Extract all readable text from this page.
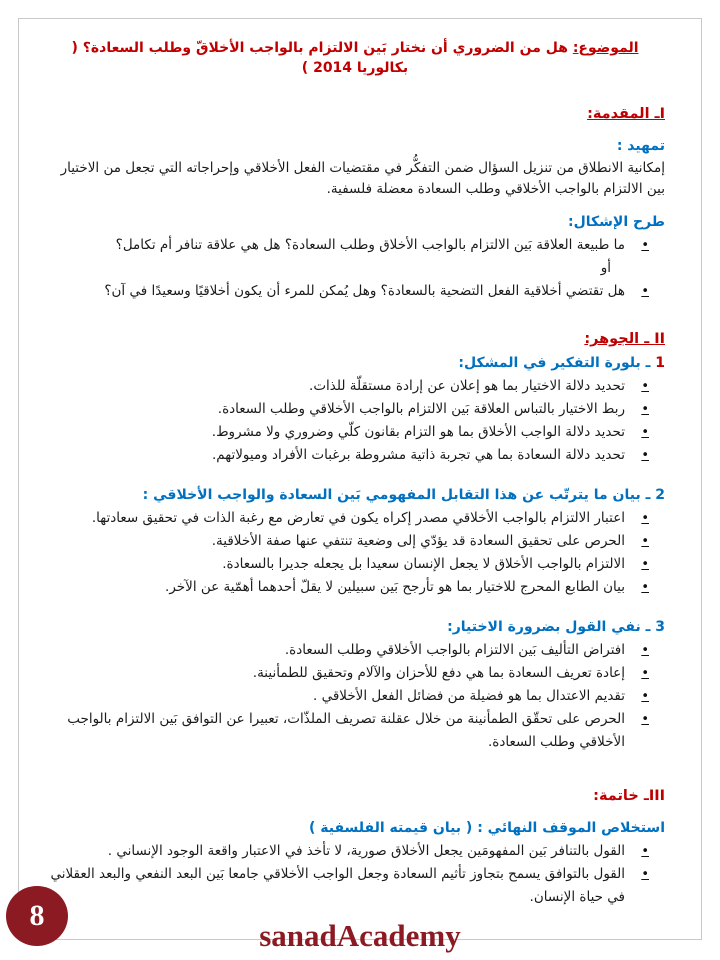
الموضوع: هل من الضروري أن نختار بَين الالتزام بالواجب الأخلاقّ وطلب السعادة؟ ( بكالوريا 2014 )
Iـ المقدمة:
تمهيد :

إمكانية الانطلاق من تنزيل السؤال ضمن التفكُّر في مقتضيات الفعل الأخلاقي وإحراجاته التي تجعل من الاختيار بين الالتزام بالواجب الأخلاقي وطلب السعادة معضلة فلسفية.

طرح الإشكال:
•
ما طبيعة العلاقة بَين الالتزام بالواجب الأخلاق وطلب السعادة؟ هل هي علاقة تنافر أم تكامل؟
أو
•
هل تقتضي أخلاقية الفعل التضحية بالسعادة؟ وهل يُمكن للمرء أن يكون أخلاقيًا وسعيدًا في آن؟
II ـ الجوهر:
1 ـ بلورة التفكير في المشكل:
•
تحديد دلالة الاختيار بما هو إعلان عن إرادة مستقلّة للذات.
•
ربط الاختيار بالتباس العلاقة بَين الالتزام بالواجب الأخلاقي وطلب السعادة.
•
تحديد دلالة الواجب الأخلاق بما هو التزام بقانون كلّي وضروري ولا مشروط.
•
تحديد دلالة السعادة بما هي تجربة ذاتية مشروطة برغبات الأفراد وميولاتهم.
2 ـ بيان ما يترتّب عن هذا التقابل المفهومي بَين السعادة والواجب الأخلاقي :
•
اعتبار الالتزام بالواجب الأخلاقي مصدر إكراه يكون في تعارض مع رغبة الذات في تحقيق سعادتها.
•
الحرص على تحقيق السعادة قد يؤدّي إلى وضعية تنتفي عنها صفة الأخلاقية.
•
الالتزام بالواجب الأخلاق لا يجعل الإنسان سعيدا بل يجعله جديرا بالسعادة.
•
بيان الطابع المحرج للاختيار بما هو تأرجح بَين سبيلين لا يقلّ أحدهما أهمّية عن الآخر.
3 ـ نفي القول بضرورة الاختيار:
•
افتراض التأليف بَين الالتزام بالواجب الأخلاقي وطلب السعادة.
•
إعادة تعريف السعادة بما هي دفع للأحزان والآلام وتحقيق للطمأنينة.
•
تقديم الاعتدال بما هو فضيلة من فضائل الفعل الأخلاقي .
•
الحرص على تحقّق الطمأنينة من خلال عقلنة تصريف الملذّات، تعبيرا عن التوافق بَين الالتزام بالواجب الأخلاقي وطلب السعادة.
IIIـ خاتمة:
استخلاص الموقف النهائي : ( بيان قيمته الفلسفية )
•
القول بالتنافر بَين المفهومَين يجعل الأخلاق صورية، لا تأخذ في الاعتبار واقعة الوجود الإنساني .
•
القول بالتوافق يسمح بتجاوز تأثيم السعادة وجعل الواجب الأخلاقي جامعا بَين البعد النفعي والبعد العقلاني في حياة الإنسان.
8
sanadAcademy
